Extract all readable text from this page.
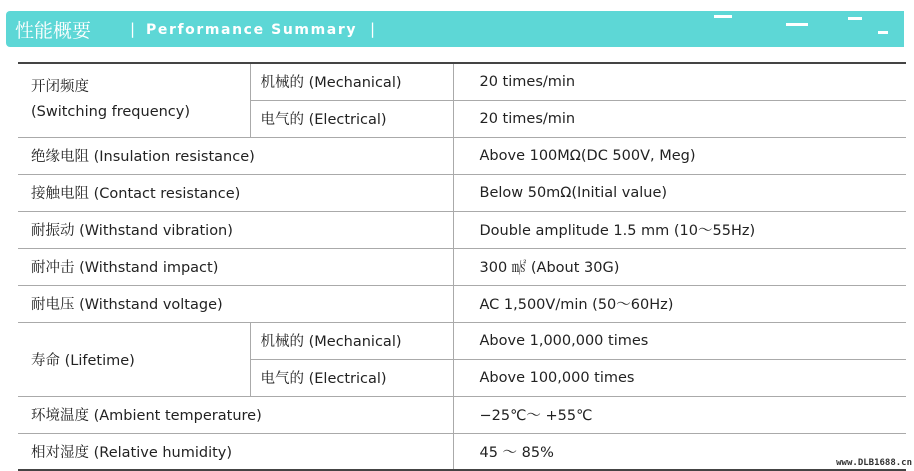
性能概要	| Performance Summary |
开闭频度
(Switching frequency)	机械的 (Mechanical)	20 times/min
	电气的 (Electrical)	20 times/min
绝缘电阻 (Insulation resistance)		Above 100MΩ(DC 500V, Meg)
接触电阻 (Contact resistance)		Below 50mΩ(Initial value)
耐振动 (Withstand vibration)		Double amplitude 1.5 mm (10～55Hz)
耐冲击 (Withstand impact)		300 ㎨ (About 30G)
耐电压 (Withstand voltage)		AC 1,500V/min (50～60Hz)
寿命 (Lifetime)	机械的 (Mechanical)	Above 1,000,000 times
	电气的 (Electrical)	Above 100,000 times
环境温度 (Ambient temperature)		−25℃～ +55℃
相对湿度 (Relative humidity)		45 ～ 85%
www.DLB1688.cn
